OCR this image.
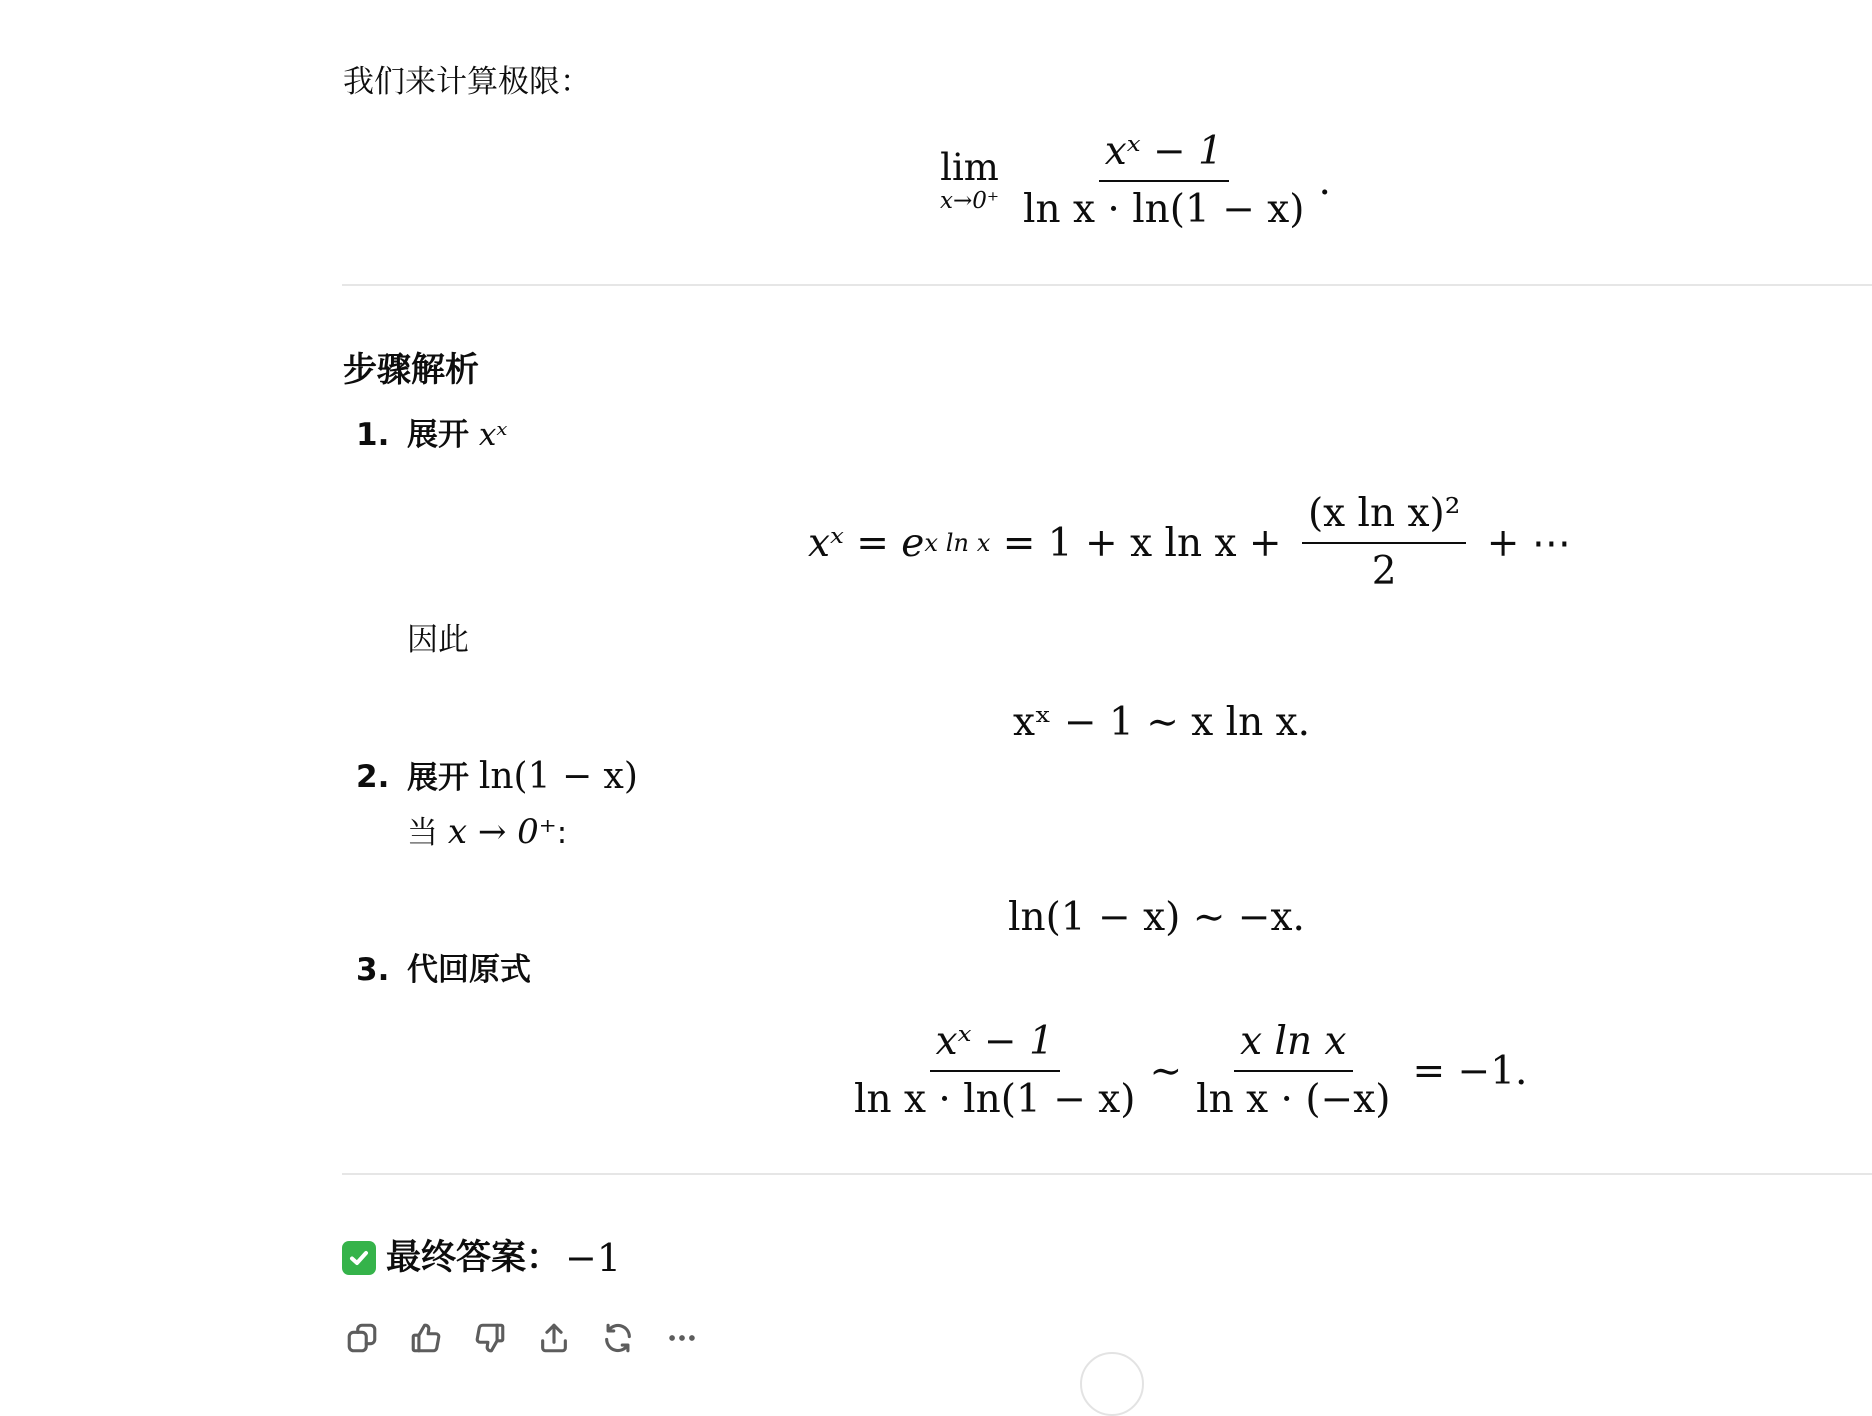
我们来计算极限：
lim
$x\to 0^+ \frac{\text{xˣ − 1}}{\text{ln x · ln(1 − x)}}$ .
步骤解析
1. 展开 xˣ
xˣ = e x ln x = 1 + x $\ln x + \frac{\text{(x ln x)²}}{2}$ + ⋯
因此
xˣ − 1 ∼ x ln x.
2. 展开 ln(1 − x)
当 x → 0⁺:
ln(1 − x) ∼ −x.
3. 代回原式
$\frac{\text{xˣ − 1}}{\text{ln x · ln(1 − x)}}$ ∼ $\frac{\text{x ln x}}{\text{ln x · (−x)}} = -1$.
最终答案： −1
